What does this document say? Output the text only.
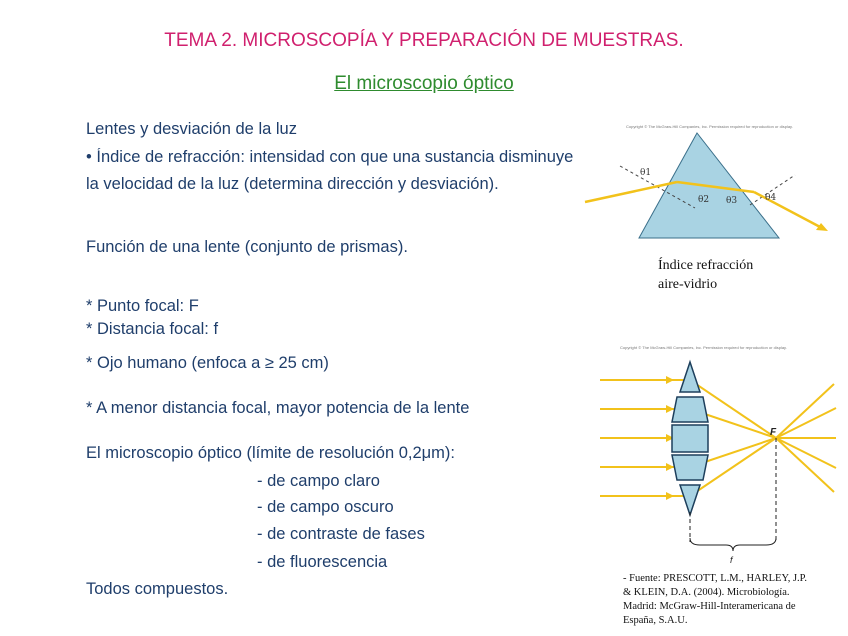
TEMA 2. MICROSCOPÍA Y PREPARACIÓN DE MUESTRAS.
El microscopio óptico
Lentes y desviación de la luz
• Índice de refracción: intensidad con que una sustancia disminuye
la velocidad de la luz (determina dirección y desviación).
Función de una lente (conjunto de prismas).
* Punto focal: F
* Distancia focal: f
* Ojo humano (enfoca a ≥ 25 cm)
* A menor distancia focal, mayor potencia de la lente
El microscopio óptico (límite de resolución 0,2μm):
- de campo claro
- de campo oscuro
- de contraste de fases
- de fluorescencia
Todos compuestos.
Copyright © The McGraw-Hill Companies, Inc. Permission required for reproduction or display.
θ1
θ2 θ3	θ4
Índice refracción
aire-vidrio
Copyright © The McGraw-Hill Companies, Inc. Permission required for reproduction or display.
F
f
- Fuente: PRESCOTT, L.M., HARLEY, J.P.
& KLEIN, D.A. (2004). Microbiología.
Madrid: McGraw-Hill-Interamericana de
España, S.A.U.
